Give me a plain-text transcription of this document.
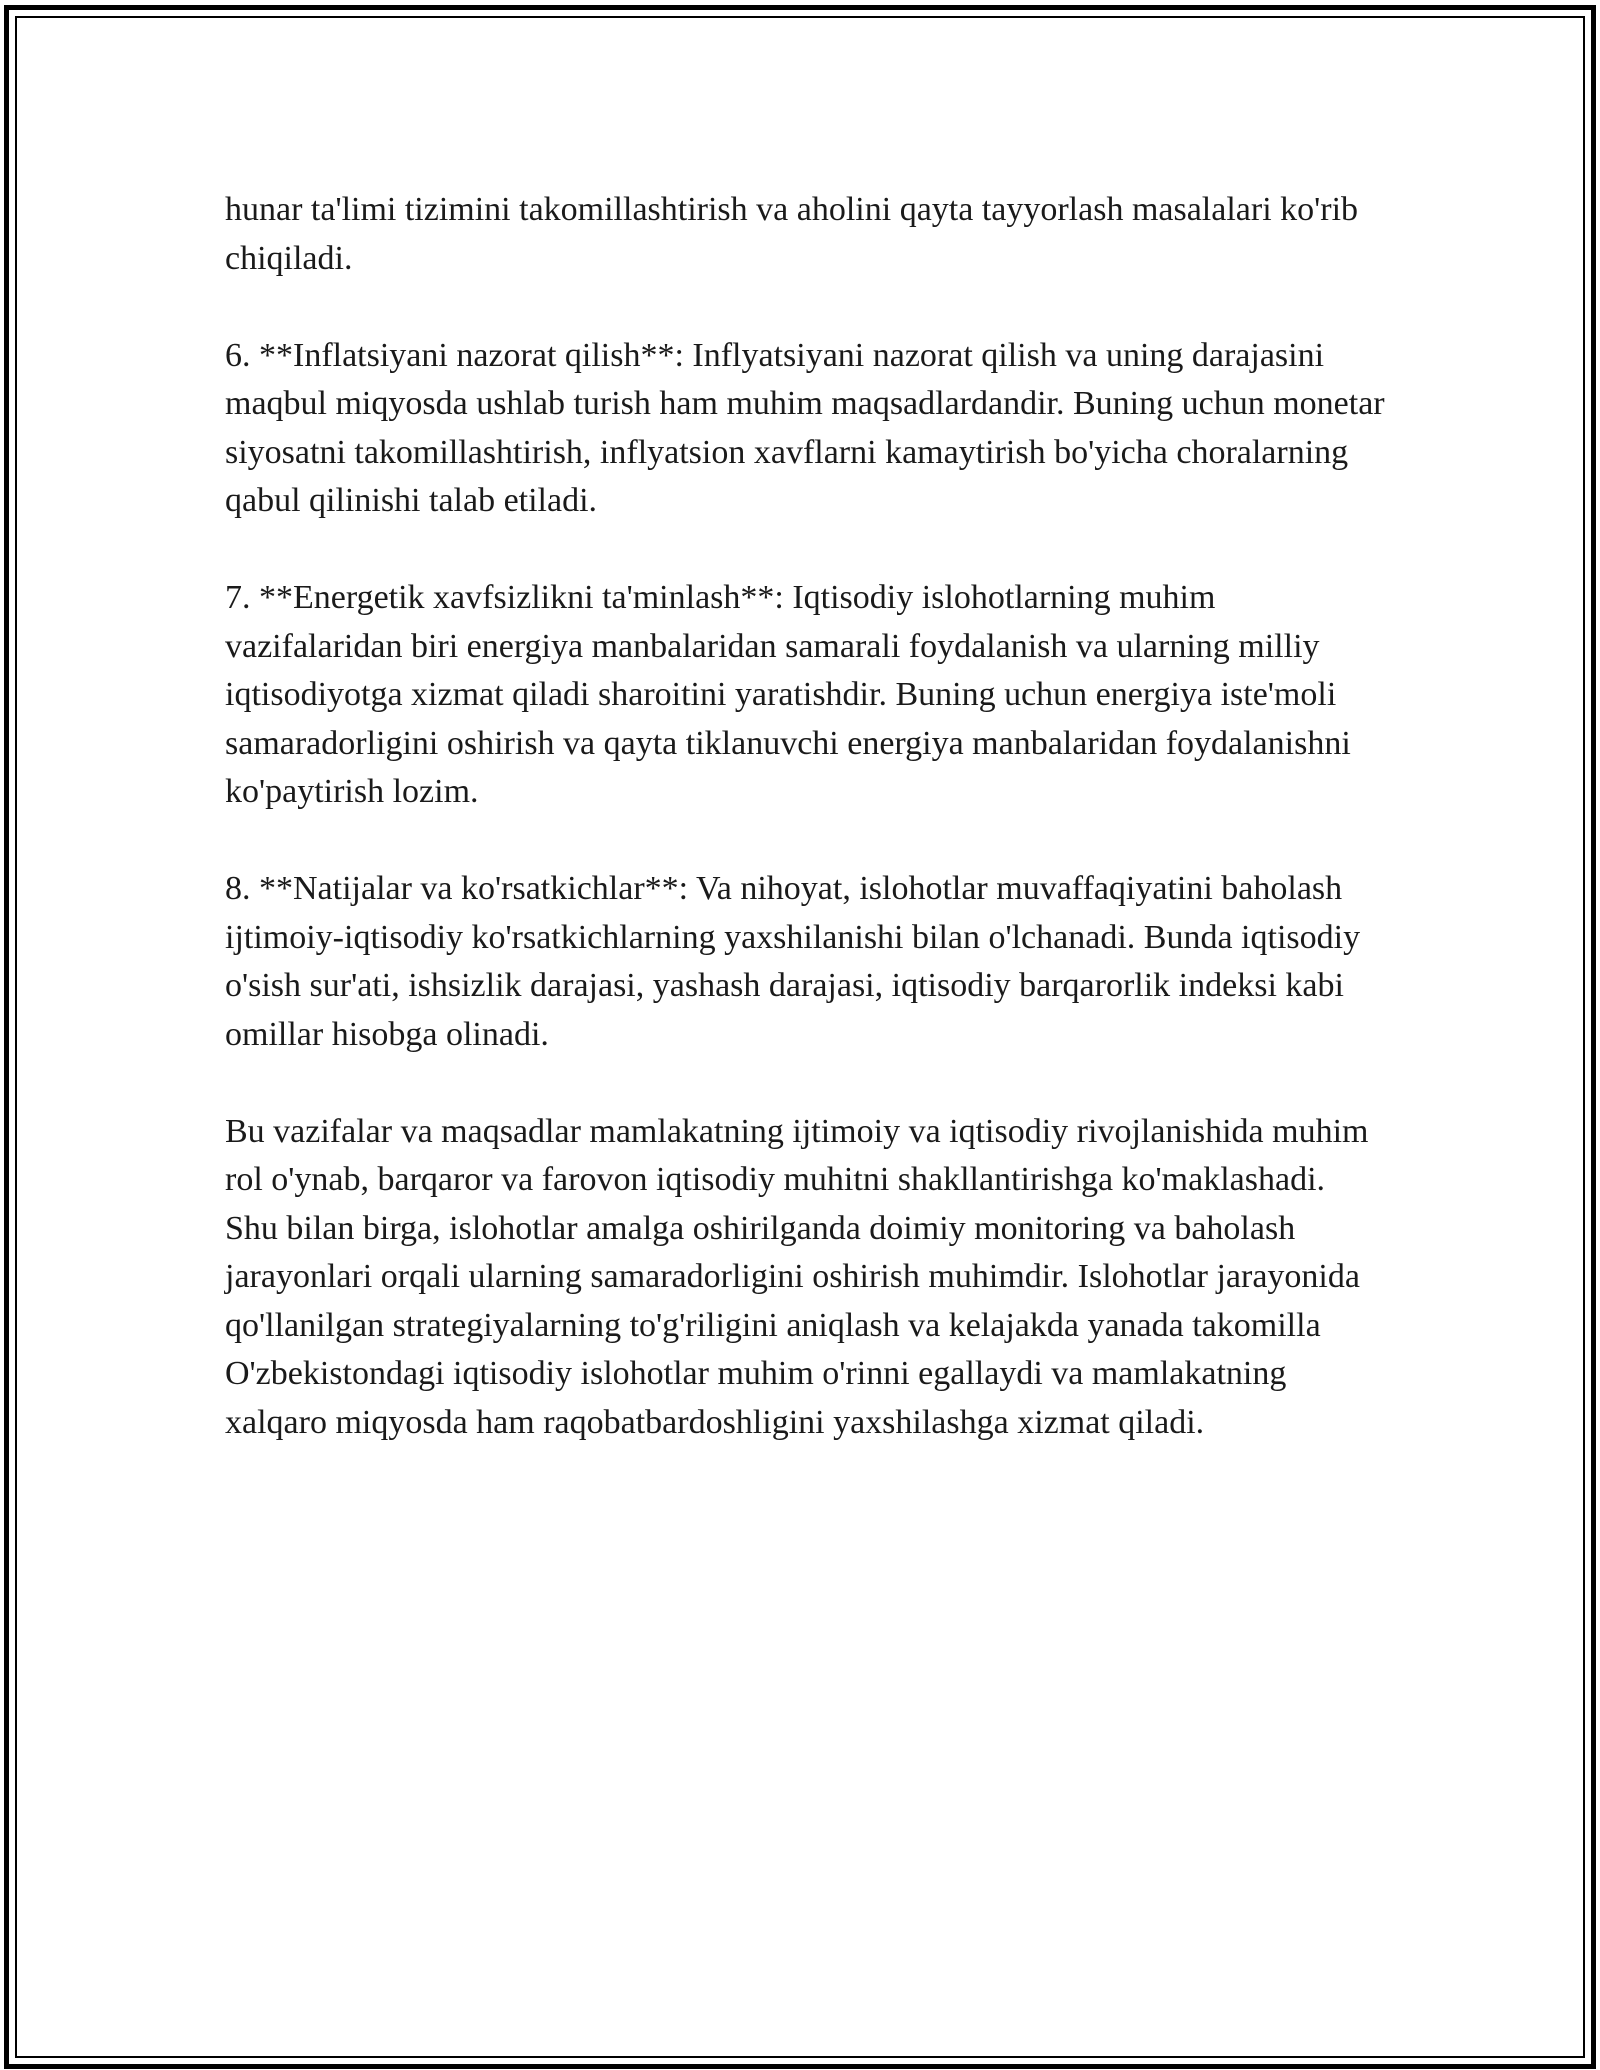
hunar ta'limi tizimini takomillashtirish va aholini qayta tayyorlash masalalari ko'rib chiqiladi.

6. **Inflatsiyani nazorat qilish**: Inflyatsiyani nazorat qilish va uning darajasini maqbul miqyosda ushlab turish ham muhim maqsadlardandir. Buning uchun monetar siyosatni takomillashtirish, inflyatsion xavflarni kamaytirish bo'yicha choralarning qabul qilinishi talab etiladi.

7. **Energetik xavfsizlikni ta'minlash**: Iqtisodiy islohotlarning muhim vazifalaridan biri energiya manbalaridan samarali foydalanish va ularning milliy iqtisodiyotga xizmat qiladi sharoitini yaratishdir. Buning uchun energiya iste'moli samaradorligini oshirish va qayta tiklanuvchi energiya manbalaridan foydalanishni ko'paytirish lozim.

8. **Natijalar va ko'rsatkichlar**: Va nihoyat, islohotlar muvaffaqiyatini baholash ijtimoiy-iqtisodiy ko'rsatkichlarning yaxshilanishi bilan o'lchanadi. Bunda iqtisodiy o'sish sur'ati, ishsizlik darajasi, yashash darajasi, iqtisodiy barqarorlik indeksi kabi omillar hisobga olinadi.

Bu vazifalar va maqsadlar mamlakatning ijtimoiy va iqtisodiy rivojlanishida muhim rol o'ynab, barqaror va farovon iqtisodiy muhitni shakllantirishga ko'maklashadi. Shu bilan birga, islohotlar amalga oshirilganda doimiy monitoring va baholash jarayonlari orqali ularning samaradorligini oshirish muhimdir. Islohotlar jarayonida qo'llanilgan strategiyalarning to'g'riligini aniqlash va kelajakda yanada takomilla O'zbekistondagi iqtisodiy islohotlar muhim o'rinni egallaydi va mamlakatning xalqaro miqyosda ham raqobatbardoshligini yaxshilashga xizmat qiladi.
